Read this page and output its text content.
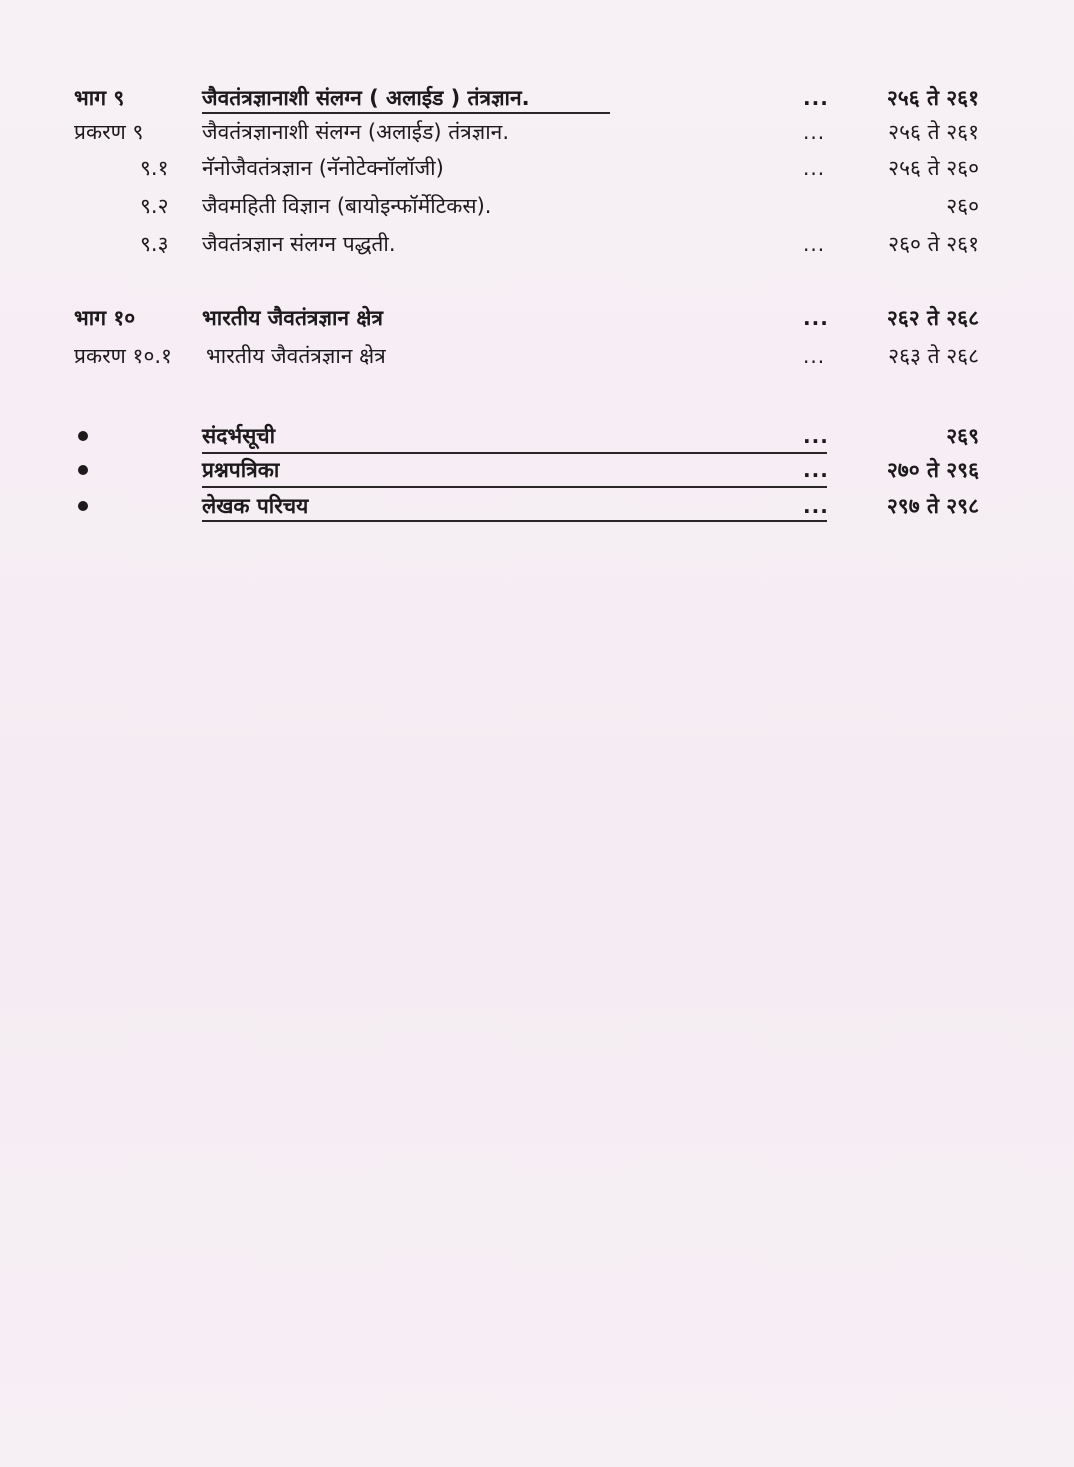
भाग ९	जैवतंत्रज्ञानाशी संलग्न ( अलाईड ) तंत्रज्ञान.	...	२५६ ते २६१
प्रकरण ९	जैवतंत्रज्ञानाशी संलग्न (अलाईड) तंत्रज्ञान.	...	२५६ ते २६१
९.१ नॅनोजैवतंत्रज्ञान (नॅनोटेक्नॉलॉजी)	...	२५६ ते २६०
९.२ जैवमहिती विज्ञान (बायोइन्फॉर्मेटिकस).	२६०
९.३ जैवतंत्रज्ञान संलग्न पद्धती.	...	२६० ते २६१
भाग १०	भारतीय जैवतंत्रज्ञान क्षेत्र	...	२६२ ते २६८
प्रकरण १०.१ भारतीय जैवतंत्रज्ञान क्षेत्र	...	२६३ ते २६८
संदर्भसूची	...	२६९
प्रश्नपत्रिका	...	२७० ते २९६
लेखक परिचय	...	२९७ ते २९८
